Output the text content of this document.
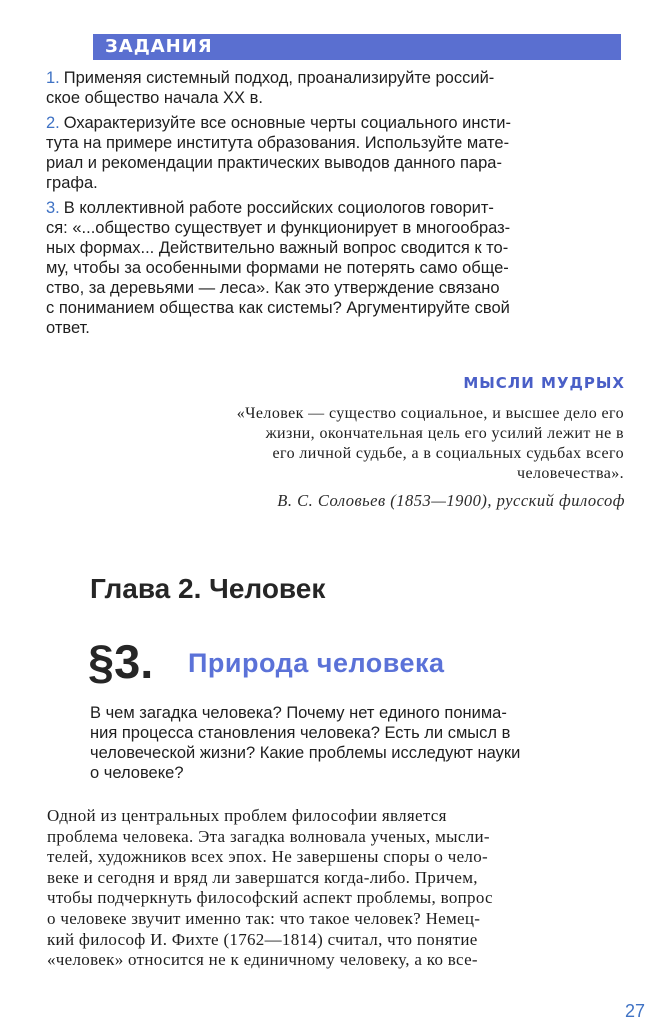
ЗАДАНИЯ
1. Применяя системный подход, проанализируйте россий-
ское общество начала XX в.
2. Охарактеризуйте все основные черты социального инсти-
тута на примере института образования. Используйте мате-
риал и рекомендации практических выводов данного пара-
графа.
3. В коллективной работе российских социологов говорит-
ся: «...общество существует и функционирует в многообраз-
ных формах... Действительно важный вопрос сводится к то-
му, чтобы за особенными формами не потерять само обще-
ство, за деревьями — леса». Как это утверждение связано
с пониманием общества как системы? Аргументируйте свой
ответ.
МЫСЛИ МУДРЫХ
«Человек — существо социальное, и высшее дело его
жизни, окончательная цель его усилий лежит не в
его личной судьбе, а в социальных судьбах всего
человечества».
В. С. Соловьев (1853—1900), русский философ
Глава 2. Человек
§3. Природа человека
В чем загадка человека? Почему нет единого понима-
ния процесса становления человека? Есть ли смысл в
человеческой жизни? Какие проблемы исследуют науки
о человеке?
Одной из центральных проблем философии является
проблема человека. Эта загадка волновала ученых, мысли-
телей, художников всех эпох. Не завершены споры о чело-
веке и сегодня и вряд ли завершатся когда-либо. Причем,
чтобы подчеркнуть философский аспект проблемы, вопрос
о человеке звучит именно так: что такое человек? Немец-
кий философ И. Фихте (1762—1814) считал, что понятие
«человек» относится не к единичному человеку, а ко все-
27
